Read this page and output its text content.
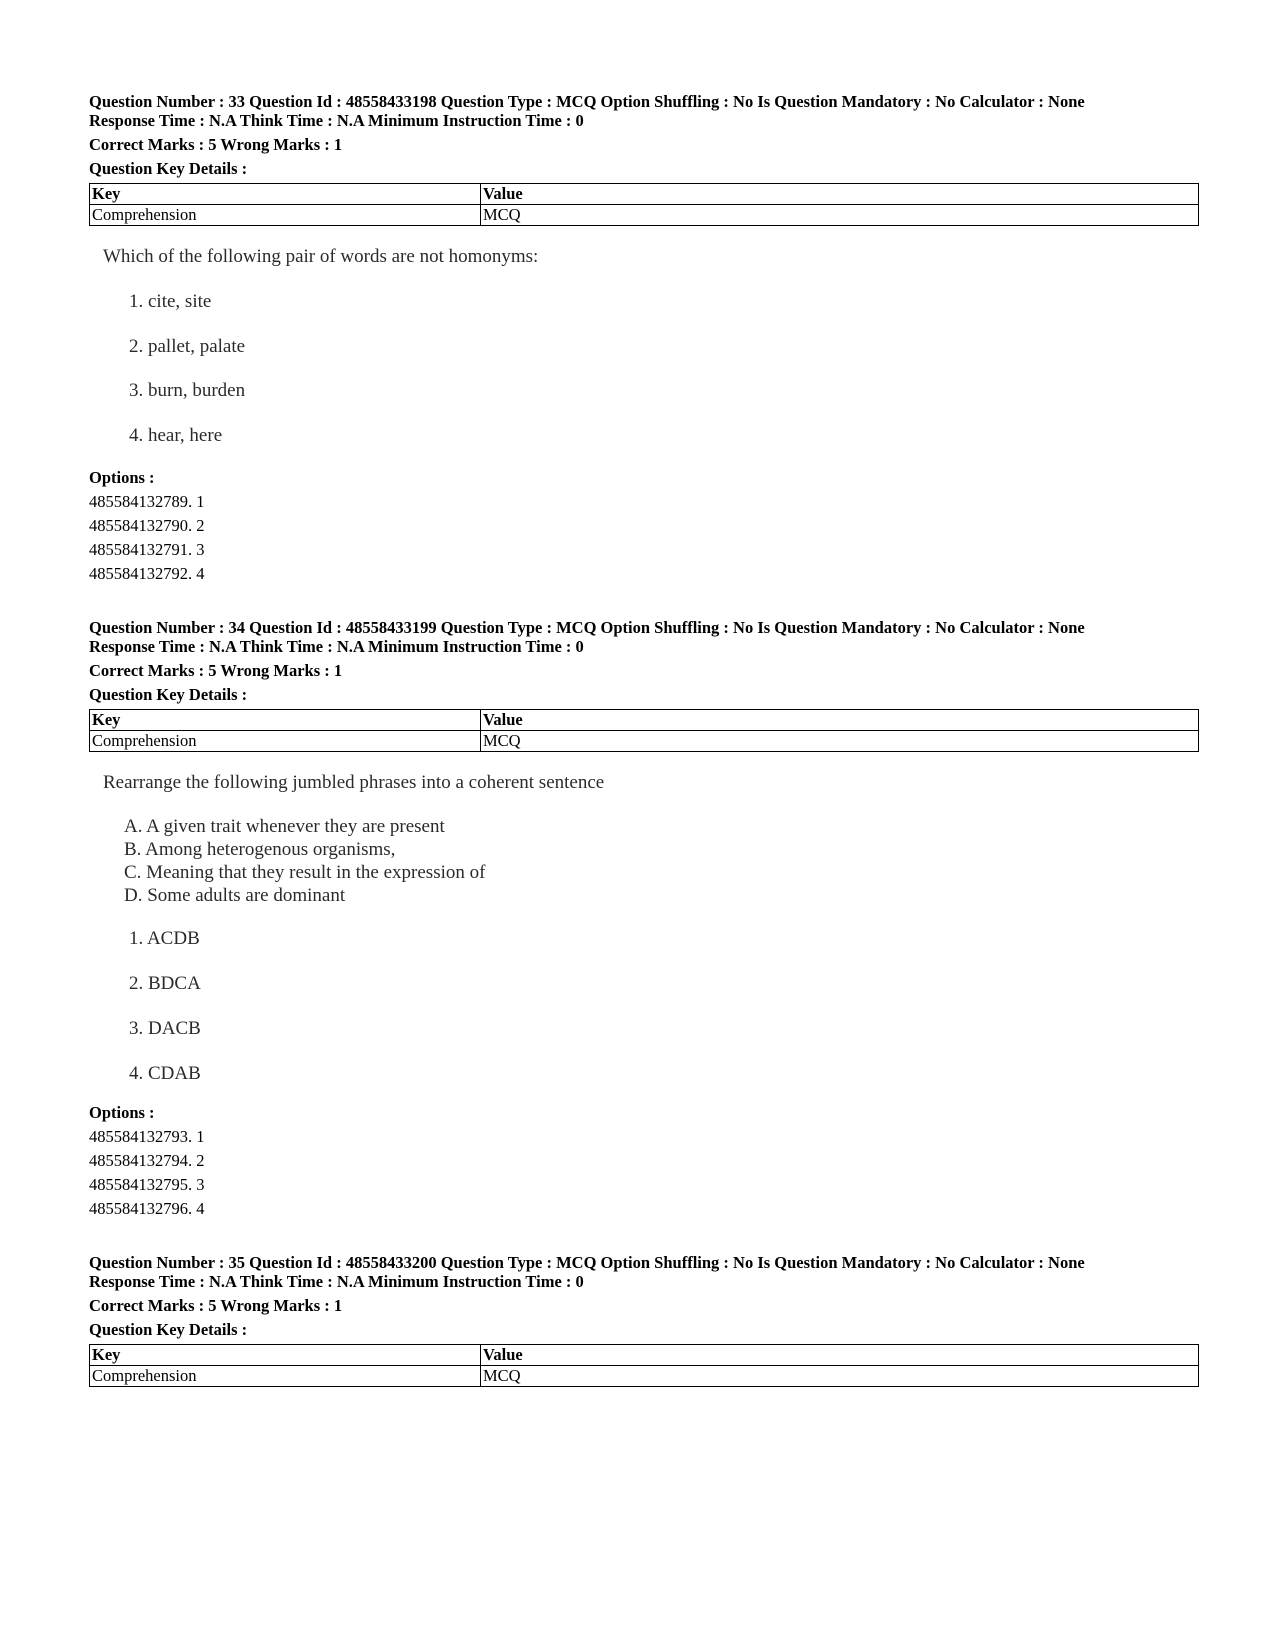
Question Number : 33 Question Id : 48558433198 Question Type : MCQ Option Shuffling : No Is Question Mandatory : No Calculator : None
Response Time : N.A Think Time : N.A Minimum Instruction Time : 0
Correct Marks : 5 Wrong Marks : 1
Question Key Details :
Key	Value
Comprehension	MCQ
Which of the following pair of words are not homonyms:
1. cite, site
2. pallet, palate
3. burn, burden
4. hear, here
Options :
485584132789. 1
485584132790. 2
485584132791. 3
485584132792. 4
Question Number : 34 Question Id : 48558433199 Question Type : MCQ Option Shuffling : No Is Question Mandatory : No Calculator : None
Response Time : N.A Think Time : N.A Minimum Instruction Time : 0
Correct Marks : 5 Wrong Marks : 1
Question Key Details :
Key	Value
Comprehension	MCQ
Rearrange the following jumbled phrases into a coherent sentence
A. A given trait whenever they are present
B. Among heterogenous organisms,
C. Meaning that they result in the expression of
D. Some adults are dominant
1. ACDB
2. BDCA
3. DACB
4. CDAB
Options :
485584132793. 1
485584132794. 2
485584132795. 3
485584132796. 4
Question Number : 35 Question Id : 48558433200 Question Type : MCQ Option Shuffling : No Is Question Mandatory : No Calculator : None
Response Time : N.A Think Time : N.A Minimum Instruction Time : 0
Correct Marks : 5 Wrong Marks : 1
Question Key Details :
Key	Value
Comprehension	MCQ
